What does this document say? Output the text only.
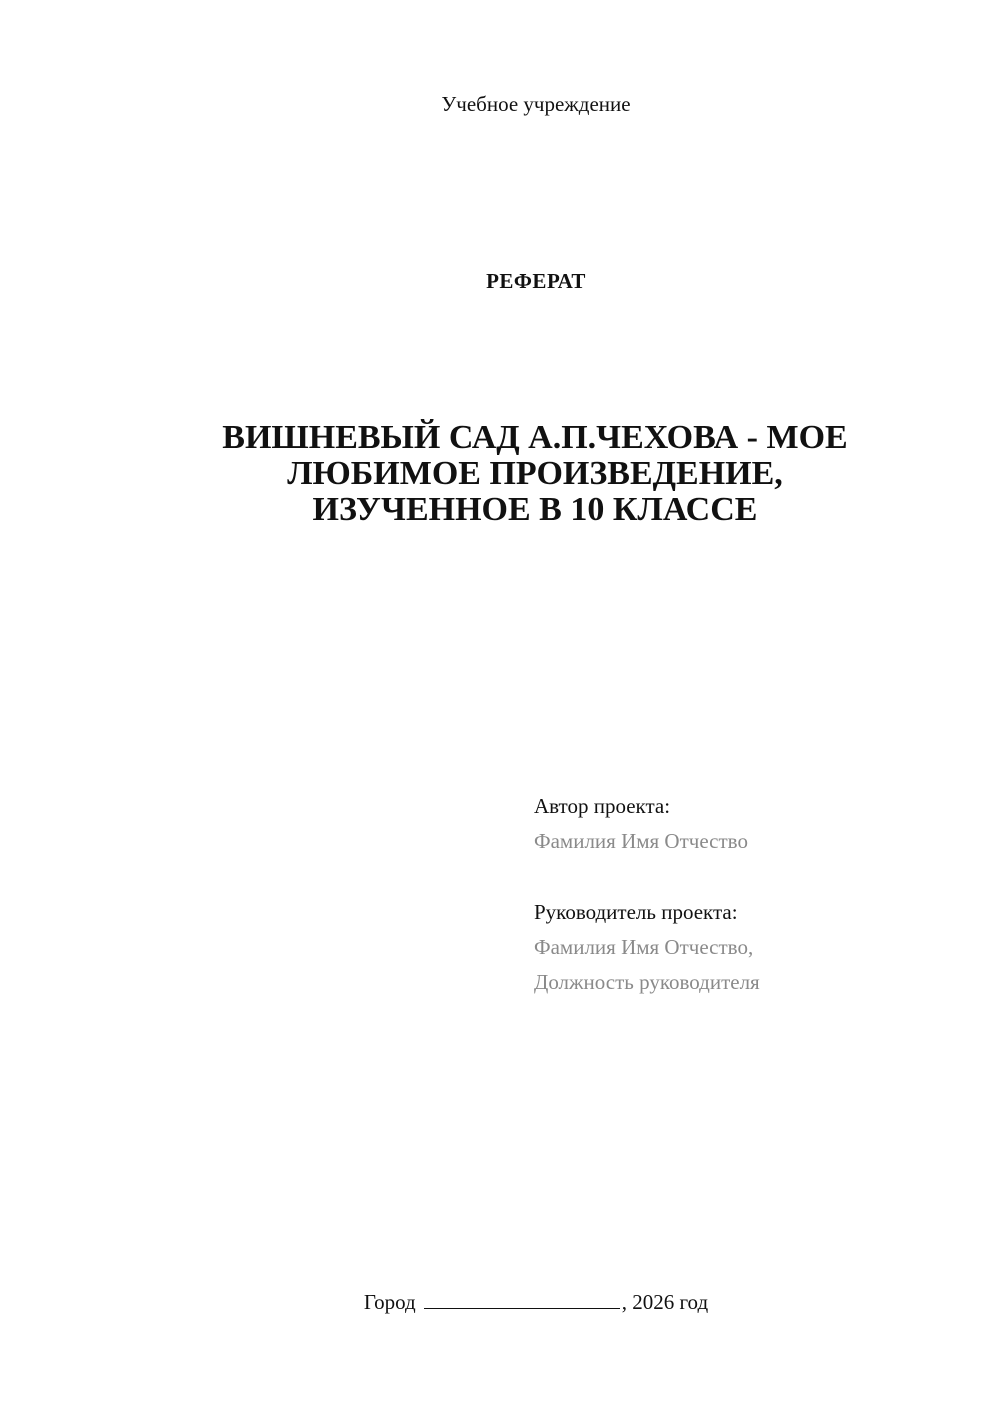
Учебное учреждение
РЕФЕРАТ
ВИШНЕВЫЙ САД А.П.ЧЕХОВА - МОЕ
ЛЮБИМОЕ ПРОИЗВЕДЕНИЕ,
ИЗУЧЕННОЕ В 10 КЛАССЕ
Автор проекта:
Фамилия Имя Отчество
Руководитель проекта:
Фамилия Имя Отчество,
Должность руководителя
Город	, 2026 год
